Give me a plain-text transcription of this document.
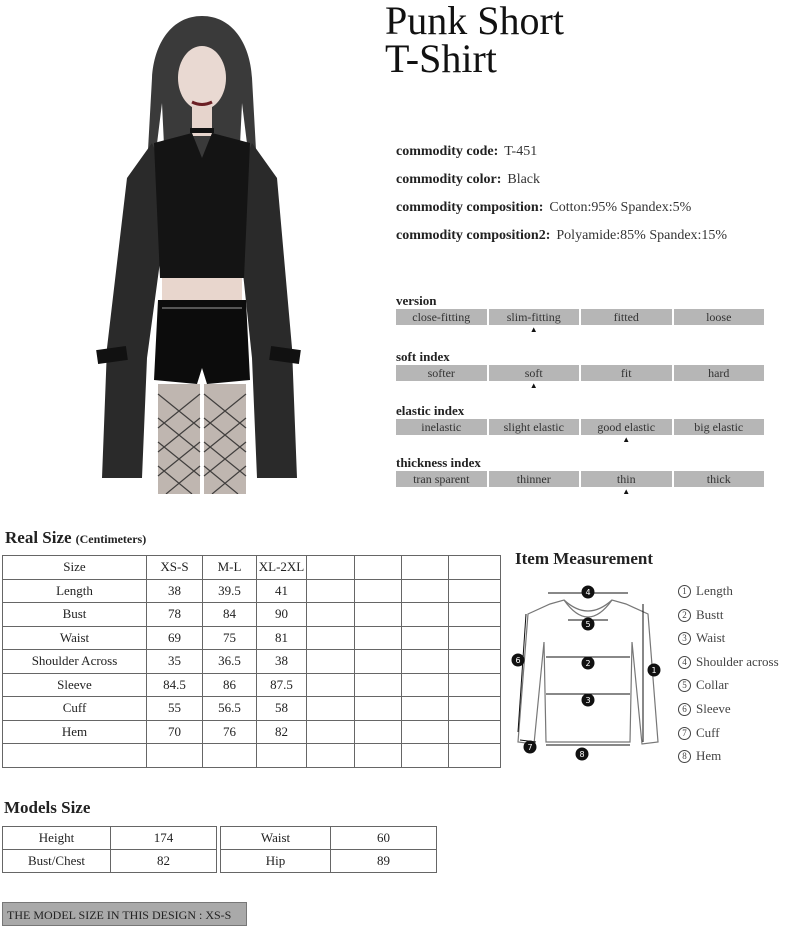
Punk Short
T-Shirt
commodity code: T-451
commodity color: Black
commodity composition: Cotton:95% Spandex:5%
commodity composition2: Polyamide:85% Spandex:15%
version
close-fitting	slim-fitting ▲	fitted	loose
soft index
softer	soft ▲	fit	hard
elastic index
inelastic	slight elastic	good elastic ▲	big elastic
thickness index
tran sparent	thinner	thin ▲	thick
Real Size (Centimeters)
Size	XS-S	M-L	XL-2XL				
Length	38	39.5	41				
Bust	78	84	90				
Waist	69	75	81				
Shoulder Across	35	36.5	38				
Sleeve	84.5	86	87.5				
Cuff	55	56.5	58				
Hem	70	76	82				

Item Measurement
4
5
2
3
1
6
7
8
1 Length
2 Bustt
3 Waist
4 Shoulder across
5 Collar
6 Sleeve
7 Cuff
8 Hem
Models Size
Height	174
Bust/Chest	82
Waist	60
Hip	89
THE MODEL SIZE IN THIS DESIGN : XS-S
